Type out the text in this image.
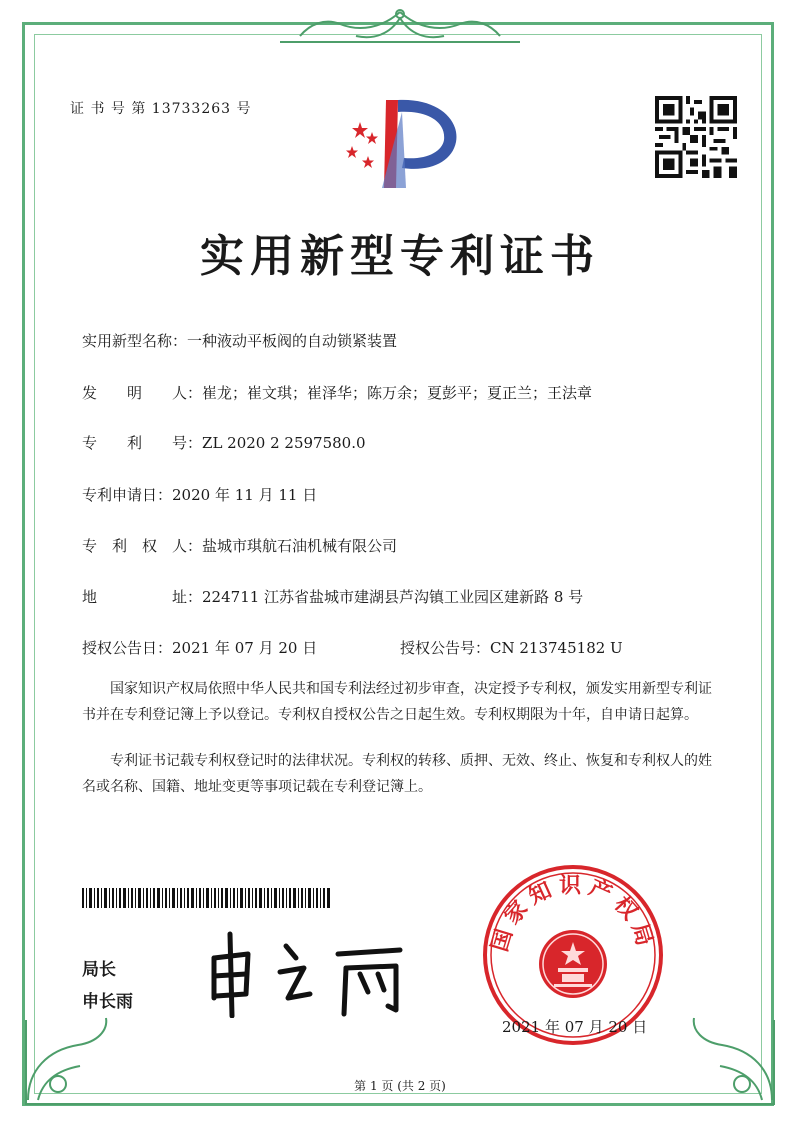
证 书 号 第 13733263 号
实用新型专利证书
实用新型名称：一种液动平板阀的自动锁紧装置
发　　明　　人：崔龙；崔文琪；崔泽华；陈万余；夏彭平；夏正兰；王法章
专　　利　　号：ZL 2020 2 2597580.0
专利申请日：2020 年 11 月 11 日
专　利　权　人：盐城市琪航石油机械有限公司
地　　　　　址：224711 江苏省盐城市建湖县芦沟镇工业园区建新路 8 号
授权公告日：2021 年 07 月 20 日	授权公告号：CN 213745182 U
国家知识产权局依照中华人民共和国专利法经过初步审查，决定授予专利权，颁发实用新型专利证书并在专利登记簿上予以登记。专利权自授权公告之日起生效。专利权期限为十年，自申请日起算。
专利证书记载专利权登记时的法律状况。专利权的转移、质押、无效、终止、恢复和专利权人的姓名或名称、国籍、地址变更等事项记载在专利登记簿上。
局长
申长雨
国家知识产权局
2021 年 07 月 20 日
第 1 页 (共 2 页)
